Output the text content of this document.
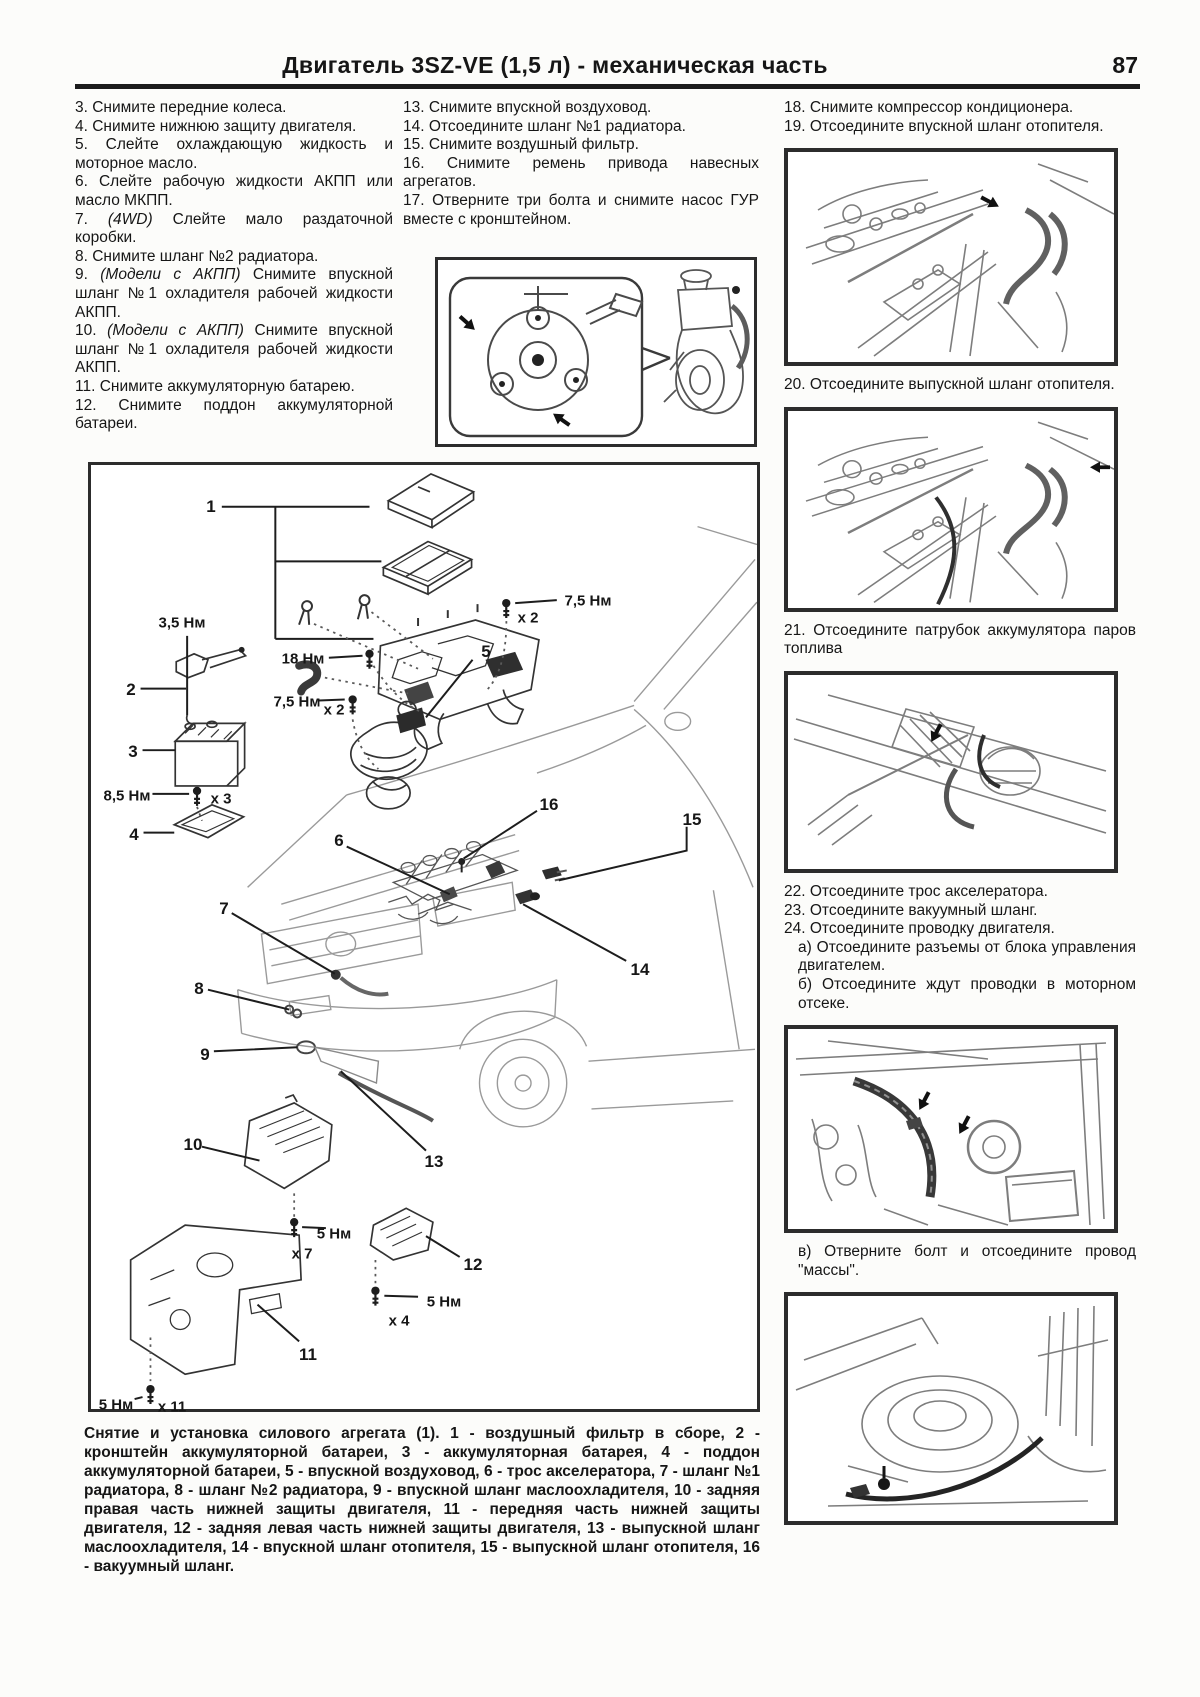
Двигатель 3SZ-VE (1,5 л) - механическая часть	87

3. Снимите передние колеса.

4. Снимите нижнюю защиту двигателя.

5. Слейте охлаждающую жидкость и моторное масло.

6. Слейте рабочую жидкости АКПП или масло МКПП.

7. (4WD) Слейте мало раздаточной коробки.

8. Снимите шланг №2 радиатора.

9. (Модели с АКПП) Снимите впускной шланг №1 охладителя рабочей жидкости АКПП.

10. (Модели с АКПП) Снимите впускной шланг №1 охладителя рабочей жидкости АКПП.

11. Снимите аккумуляторную батарею.

12. Снимите поддон аккумуляторной батареи.

13. Снимите впускной воздуховод.

14. Отсоедините шланг №1 радиатора.

15. Снимите воздушный фильтр.

16. Снимите ремень привода навесных агрегатов.

17. Отверните три болта и снимите насос ГУР вместе с кронштейном.

18. Снимите компрессор кондиционера.

19. Отсоедините впускной шланг отопителя.

20. Отсоедините выпускной шланг отопителя.

21. Отсоедините патрубок аккумулятора паров топлива

22. Отсоедините трос акселератора.

23. Отсоедините вакуумный шланг.

24. Отсоедините проводку двигателя.

а) Отсоедините разъемы от блока управления двигателем.

б) Отсоедините ждут проводки в моторном отсеке.

в) Отверните болт и отсоедините провод "массы".

1
2
3
4
5
6
7
8
9
10
11
12
13
14
15
16
3,5 Нм
18 Нм
7,5 Нм
x 2
7,5 Нм x 2
8,5 Нм	x 3
5 Нм
x 7
5 Нм
x 4
5 Нм x 11

Снятие и установка силового агрегата (1). 1 - воздушный фильтр в сборе, 2 - кронштейн аккумуляторной батареи, 3 - аккумуляторная батарея, 4 - поддон аккумуляторной батареи, 5 - впускной воздуховод, 6 - трос акселератора, 7 - шланг №1 радиатора, 8 - шланг №2 радиатора, 9 - впускной шланг маслоохладителя, 10 - задняя правая часть нижней защиты двигателя, 11 - передняя часть нижней защиты двигателя, 12 - задняя левая часть нижней защиты двигателя, 13 - выпускной шланг маслоохладителя, 14 - впускной шланг отопителя, 15 - выпускной шланг отопителя, 16 - вакуумный шланг.
